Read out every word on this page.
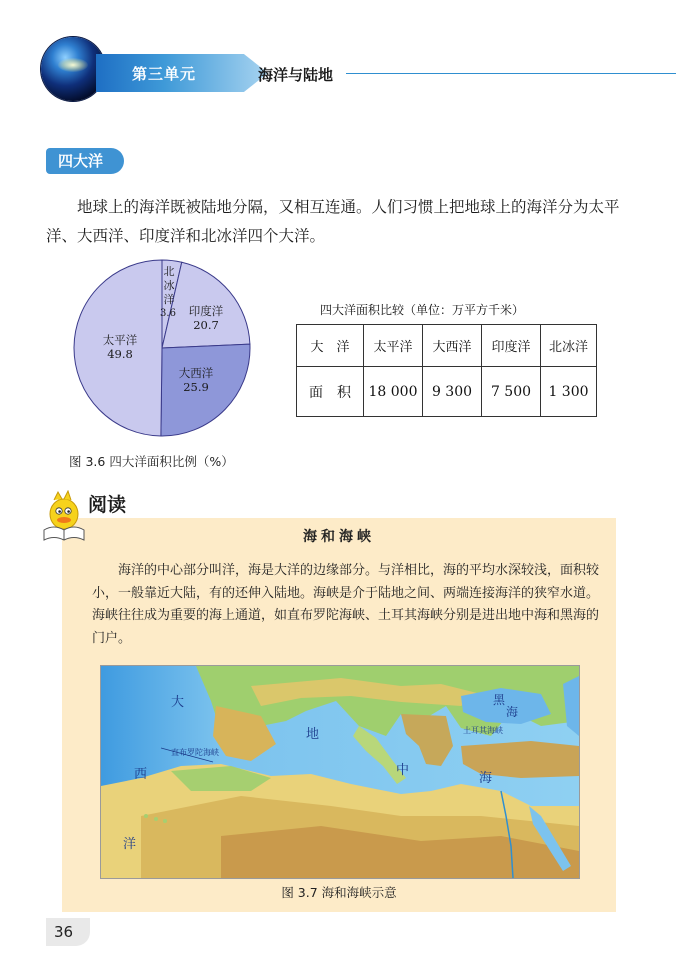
第三单元	海洋与陆地
四大洋
地球上的海洋既被陆地分隔，又相互连通。人们习惯上把地球上的海洋分为太平洋、大西洋、印度洋和北冰洋四个大洋。
太平洋
49.8
大西洋
25.9
印度洋
20.7
北
冰
洋
3.6
图 3.6 四大洋面积比例（%）
四大洋面积比较（单位：万平方千米）
大　洋	太平洋	大西洋	印度洋	北冰洋
面　积	18 000	9 300	7 500	1 300
阅读
海和海峡
海洋的中心部分叫洋，海是大洋的边缘部分。与洋相比，海的平均水深较浅，面积较小，一般靠近大陆，有的还伸入陆地。海峡是介于陆地之间、两端连接海洋的狭窄水道。海峡往往成为重要的海上通道，如直布罗陀海峡、土耳其海峡分别是进出地中海和黑海的门户。
大
西
洋
直布罗陀海峡
地
中
海
黑
海
土耳其海峡
图 3.7 海和海峡示意
36
